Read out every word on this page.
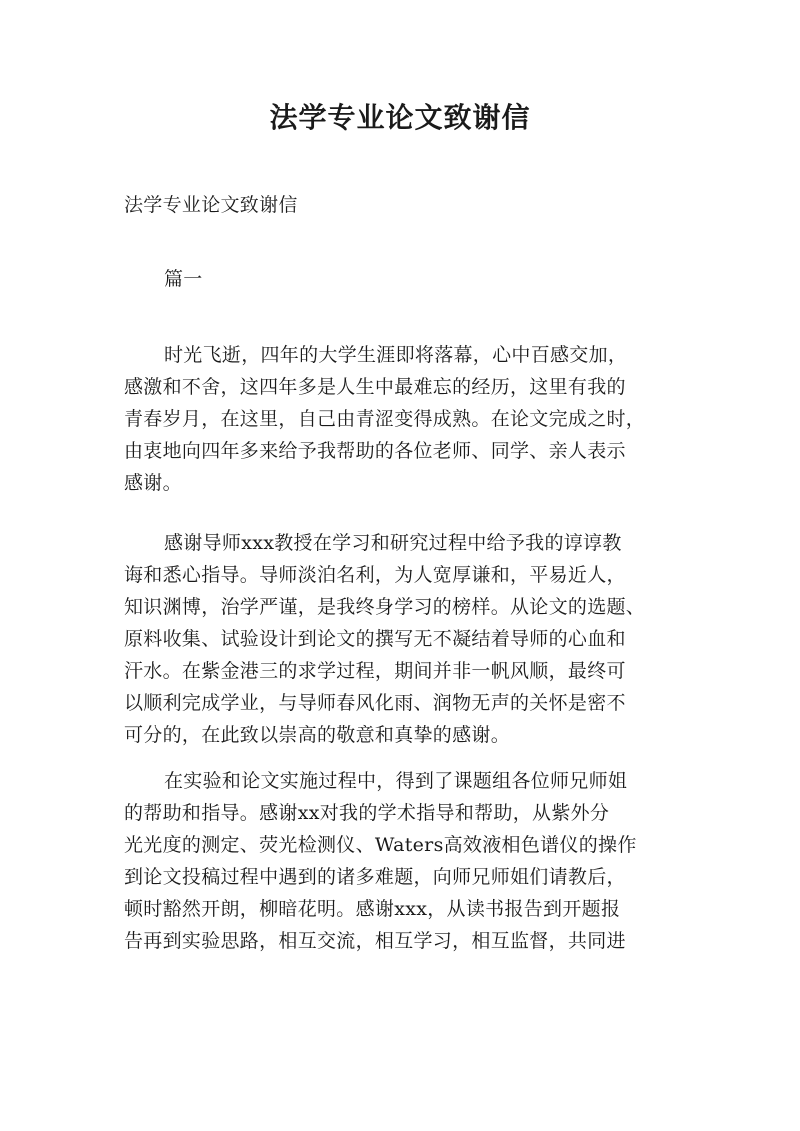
法学专业论文致谢信
法学专业论文致谢信
篇一
时光飞逝，四年的大学生涯即将落幕，心中百感交加，
感激和不舍，这四年多是人生中最难忘的经历，这里有我的
青春岁月，在这里，自己由青涩变得成熟。在论文完成之时，
由衷地向四年多来给予我帮助的各位老师、同学、亲人表示
感谢。
感谢导师xxx教授在学习和研究过程中给予我的谆谆教
诲和悉心指导。导师淡泊名利，为人宽厚谦和，平易近人，
知识渊博，治学严谨，是我终身学习的榜样。从论文的选题、
原料收集、试验设计到论文的撰写无不凝结着导师的心血和
汗水。在紫金港三的求学过程，期间并非一帆风顺，最终可
以顺利完成学业，与导师春风化雨、润物无声的关怀是密不
可分的，在此致以崇高的敬意和真挚的感谢。
在实验和论文实施过程中，得到了课题组各位师兄师姐
的帮助和指导。感谢xx对我的学术指导和帮助，从紫外分
光光度的测定、荧光检测仪、Waters高效液相色谱仪的操作
到论文投稿过程中遇到的诸多难题，向师兄师姐们请教后，
顿时豁然开朗，柳暗花明。感谢xxx，从读书报告到开题报
告再到实验思路，相互交流，相互学习，相互监督，共同进
